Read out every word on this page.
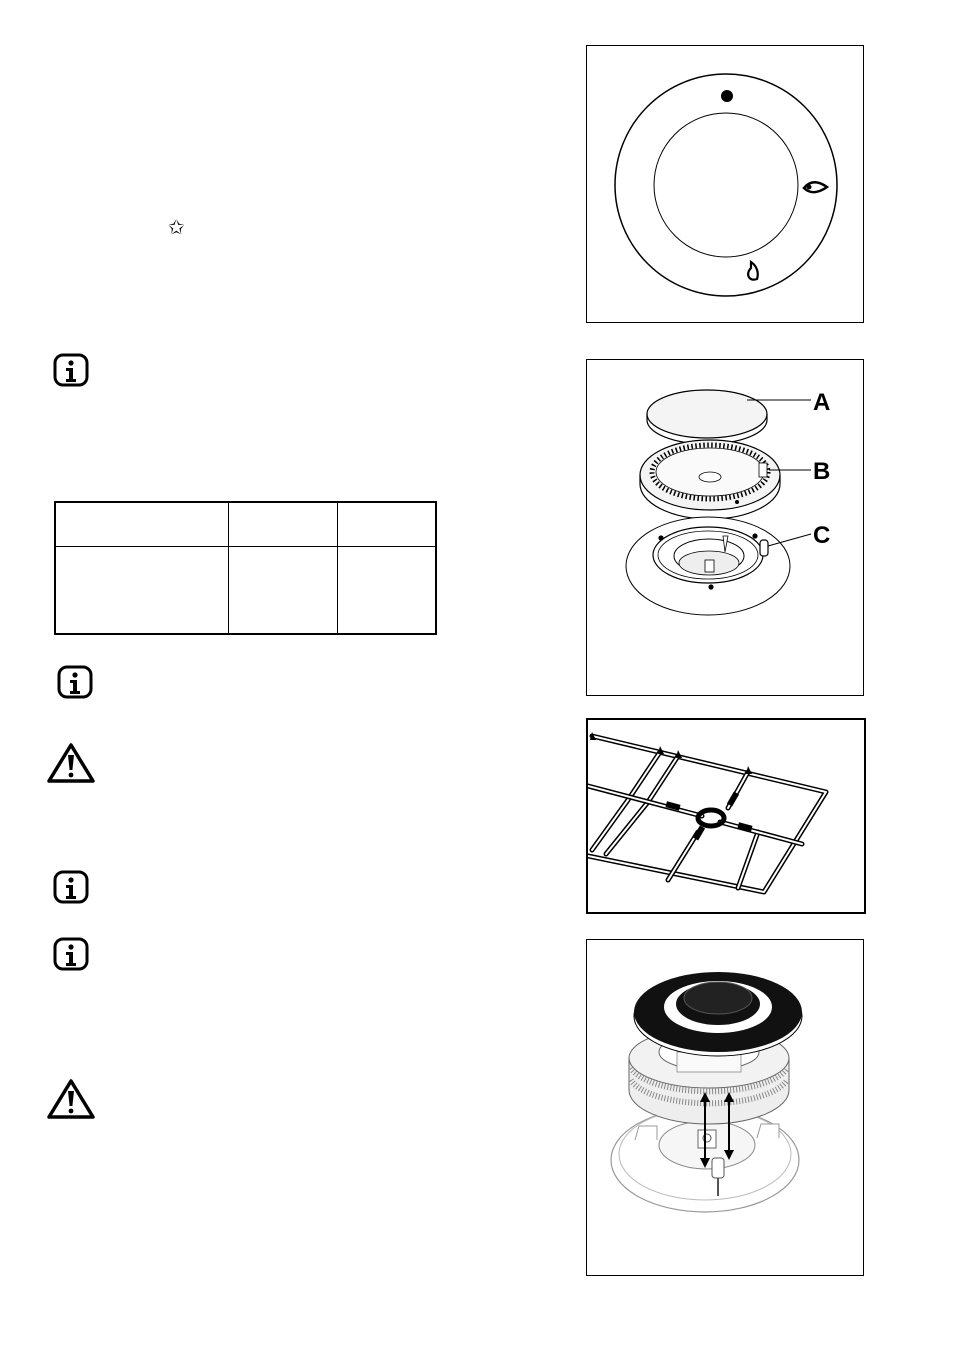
✩

A
B
C
